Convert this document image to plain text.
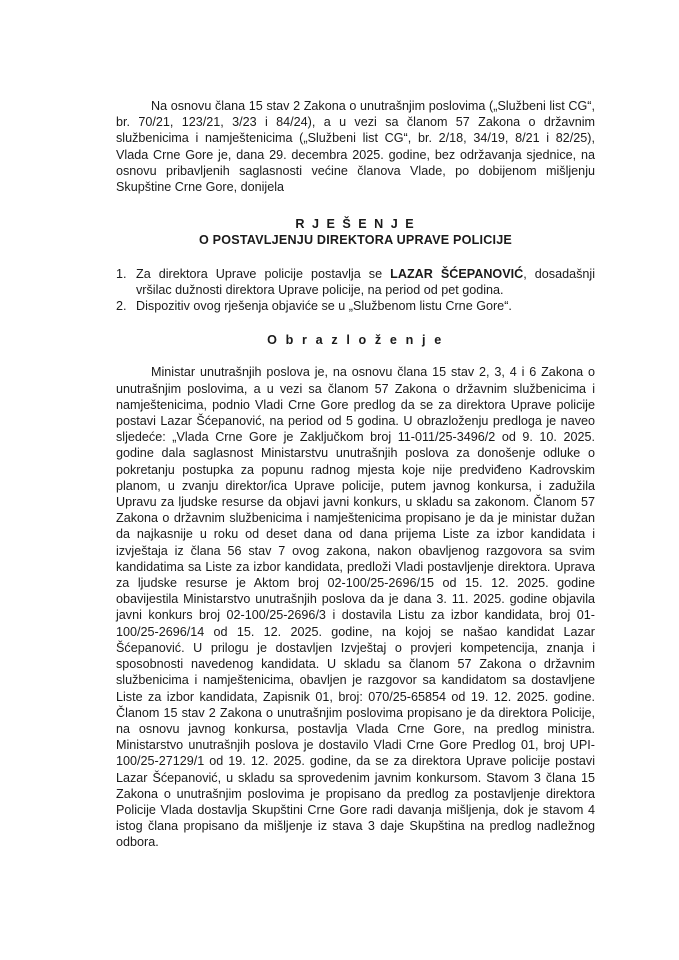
Na osnovu člana 15 stav 2 Zakona o unutrašnjim poslovima („Službeni list CG“, br. 70/21, 123/21, 3/23 i 84/24), a u vezi sa članom 57 Zakona o državnim službenicima i namještenicima („Službeni list CG“, br. 2/18, 34/19, 8/21 i 82/25), Vlada Crne Gore je, dana 29. decembra 2025. godine, bez održavanja sjednice, na osnovu pribavljenih saglasnosti većine članova Vlade, po dobijenom mišljenju Skupštine Crne Gore, donijela

R J E Š E N J E
O POSTAVLJENJU DIREKTORA UPRAVE POLICIJE
1. Za direktora Uprave policije postavlja se LAZAR ŠĆEPANOVIĆ, dosadašnji vršilac dužnosti direktora Uprave policije, na period od pet godina.
2. Dispozitiv ovog rješenja objaviće se u „Službenom listu Crne Gore“.
O b r a z l o ž e n j e

Ministar unutrašnjih poslova je, na osnovu člana 15 stav 2, 3, 4 i 6 Zakona o unutrašnjim poslovima, a u vezi sa članom 57 Zakona o državnim službenicima i namještenicima, podnio Vladi Crne Gore predlog da se za direktora Uprave policije postavi Lazar Šćepanović, na period od 5 godina. U obrazloženju predloga je naveo sljedeće: „Vlada Crne Gore je Zaključkom broj 11-011/25-3496/2 od 9. 10. 2025. godine dala saglasnost Ministarstvu unutrašnjih poslova za donošenje odluke o pokretanju postupka za popunu radnog mjesta koje nije predviđeno Kadrovskim planom, u zvanju direktor/ica Uprave policije, putem javnog konkursa, i zadužila Upravu za ljudske resurse da objavi javni konkurs, u skladu sa zakonom. Članom 57 Zakona o državnim službenicima i namještenicima propisano je da je ministar dužan da najkasnije u roku od deset dana od dana prijema Liste za izbor kandidata i izvještaja iz člana 56 stav 7 ovog zakona, nakon obavljenog razgovora sa svim kandidatima sa Liste za izbor kandidata, predloži Vladi postavljenje direktora. Uprava za ljudske resurse je Aktom broj 02-100/25-2696/15 od 15. 12. 2025. godine obavijestila Ministarstvo unutrašnjih poslova da je dana 3. 11. 2025. godine objavila javni konkurs broj 02-100/25-2696/3 i dostavila Listu za izbor kandidata, broj 01-100/25-2696/14 od 15. 12. 2025. godine, na kojoj se našao kandidat Lazar Šćepanović. U prilogu je dostavljen Izvještaj o provjeri kompetencija, znanja i sposobnosti navedenog kandidata. U skladu sa članom 57 Zakona o državnim službenicima i namještenicima, obavljen je razgovor sa kandidatom sa dostavljene Liste za izbor kandidata, Zapisnik 01, broj: 070/25-65854 od 19. 12. 2025. godine. Članom 15 stav 2 Zakona o unutrašnjim poslovima propisano je da direktora Policije, na osnovu javnog konkursa, postavlja Vlada Crne Gore, na predlog ministra. Ministarstvo unutrašnjih poslova je dostavilo Vladi Crne Gore Predlog 01, broj UPI-100/25-27129/1 od 19. 12. 2025. godine, da se za direktora Uprave policije postavi Lazar Šćepanović, u skladu sa sprovedenim javnim konkursom. Stavom 3 člana 15 Zakona o unutrašnjim poslovima je propisano da predlog za postavljenje direktora Policije Vlada dostavlja Skupštini Crne Gore radi davanja mišljenja, dok je stavom 4 istog člana propisano da mišljenje iz stava 3 daje Skupština na predlog nadležnog odbora.
